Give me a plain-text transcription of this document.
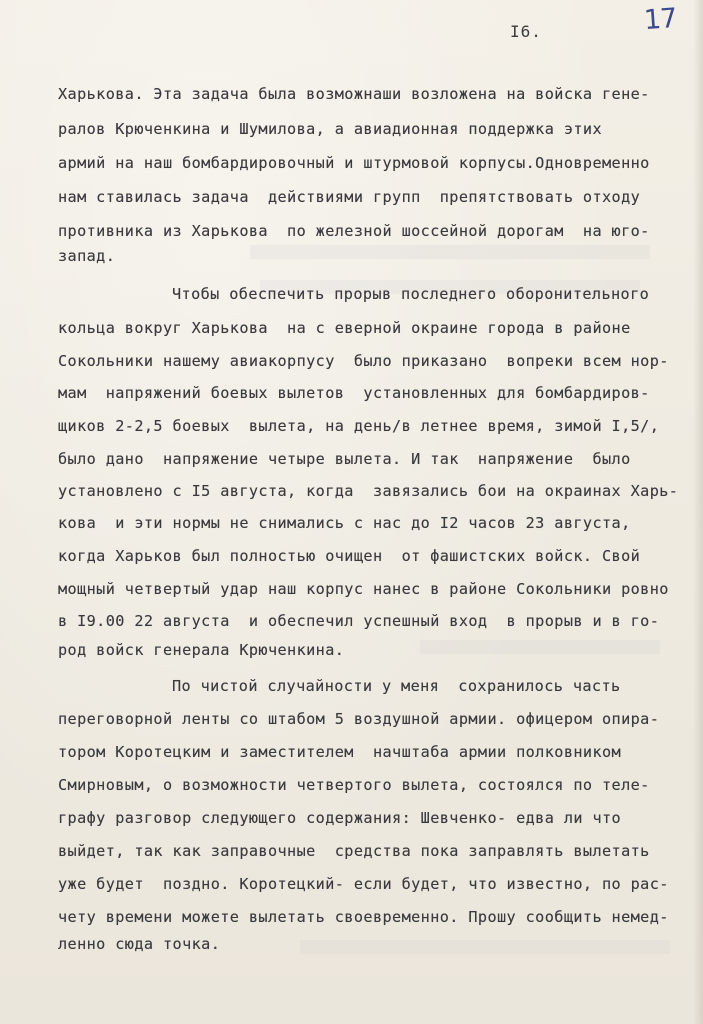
I6.	17
Харькова. Эта задача была возможнаши возложена на войска гене-
ралов Крюченкина и Шумилова, а авиадионная поддержка этих
армий на наш бомбардировочный и штурмовой корпусы.Одновременно
нам ставилась задача  действиями групп  препятствовать отходу
противника из Харькова  по железной шоссейной дорогам  на юго-
запад.
Чтобы обеспечить прорыв последнего оборонительного
кольца вокруг Харькова  на с еверной окраине города в районе
Сокольники нашему авиакорпусу  было приказано  вопреки всем нор-
мам  напряжений боевых вылетов  установленных для бомбардиров-
щиков 2-2,5 боевых  вылета, на день/в летнее время, зимой I,5/,
было дано  напряжение четыре вылета. И так  напряжение  было
установлено с I5 августа, когда  завязались бои на окраинах Харь-
кова  и эти нормы не снимались с нас до I2 часов 23 августа,
когда Харьков был полностью очищен  от фашистских войск. Свой
мощный четвертый удар наш корпус нанес в районе Сокольники ровно
в I9.00 22 августа  и обеспечил успешный вход  в прорыв и в го-
род войск генерала Крюченкина.
По чистой случайности у меня  сохранилось часть
переговорной ленты со штабом 5 воздушной армии. офицером опира-
тором Коротецким и заместителем  начштаба армии полковником
Смирновым, о возможности четвертого вылета, состоялся по теле-
графу разговор следующего содержания: Шевченко- едва ли что
выйдет, так как заправочные  средства пока заправлять вылетать
уже будет  поздно. Коротецкий- если будет, что известно, по рас-
чету времени можете вылетать своевременно. Прошу сообщить немед-
ленно сюда точка.
